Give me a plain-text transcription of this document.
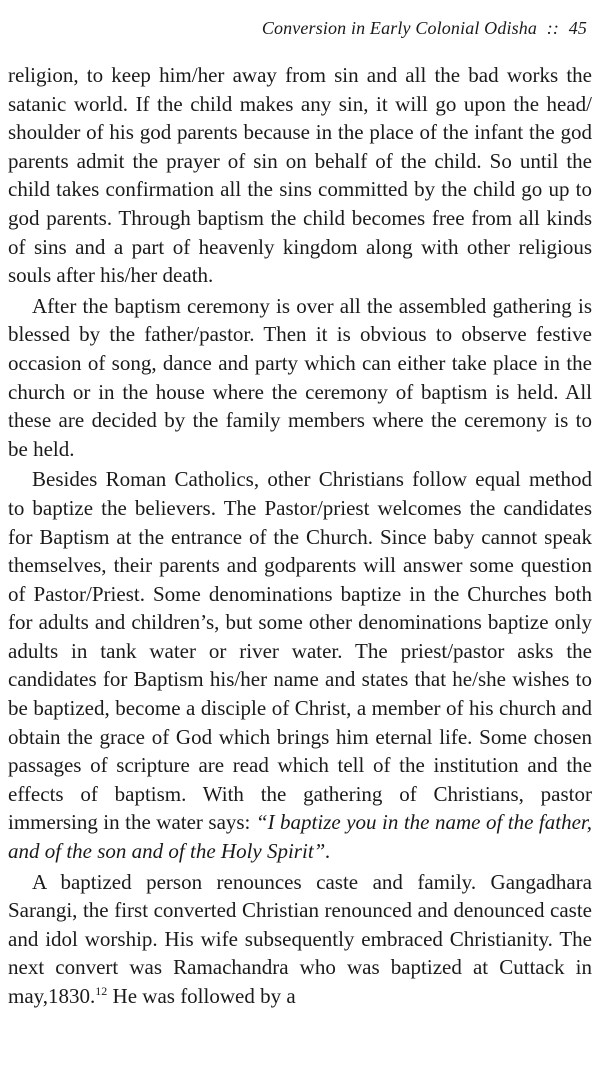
Conversion in Early Colonial Odisha :: 45

religion, to keep him/her away from sin and all the bad works the satanic world. If the child makes any sin, it will go upon the head/ shoulder of his god parents because in the place of the infant the god parents admit the prayer of sin on behalf of the child. So until the child takes confirmation all the sins committed by the child go up to god parents. Through baptism the child becomes free from all kinds of sins and a part of heavenly kingdom along with other religious souls after his/her death.

After the baptism ceremony is over all the assembled gathering is blessed by the father/pastor. Then it is obvious to observe festive occasion of song, dance and party which can either take place in the church or in the house where the ceremony of baptism is held. All these are decided by the family members where the ceremony is to be held.

Besides Roman Catholics, other Christians follow equal method to baptize the believers. The Pastor/priest welcomes the candidates for Baptism at the entrance of the Church. Since baby cannot speak themselves, their parents and godparents will answer some question of Pastor/Priest. Some denominations baptize in the Churches both for adults and children’s, but some other denominations baptize only adults in tank water or river water. The priest/pastor asks the candidates for Baptism his/her name and states that he/she wishes to be baptized, become a disciple of Christ, a member of his church and obtain the grace of God which brings him eternal life. Some chosen passages of scripture are read which tell of the institution and the effects of baptism. With the gathering of Christians, pastor immersing in the water says: “I baptize you in the name of the father, and of the son and of the Holy Spirit”.

A baptized person renounces caste and family. Gangadhara Sarangi, the first converted Christian renounced and denounced caste and idol worship. His wife subsequently embraced Christianity. The next convert was Ramachandra who was baptized at Cuttack in may,1830.12 He was followed by a
